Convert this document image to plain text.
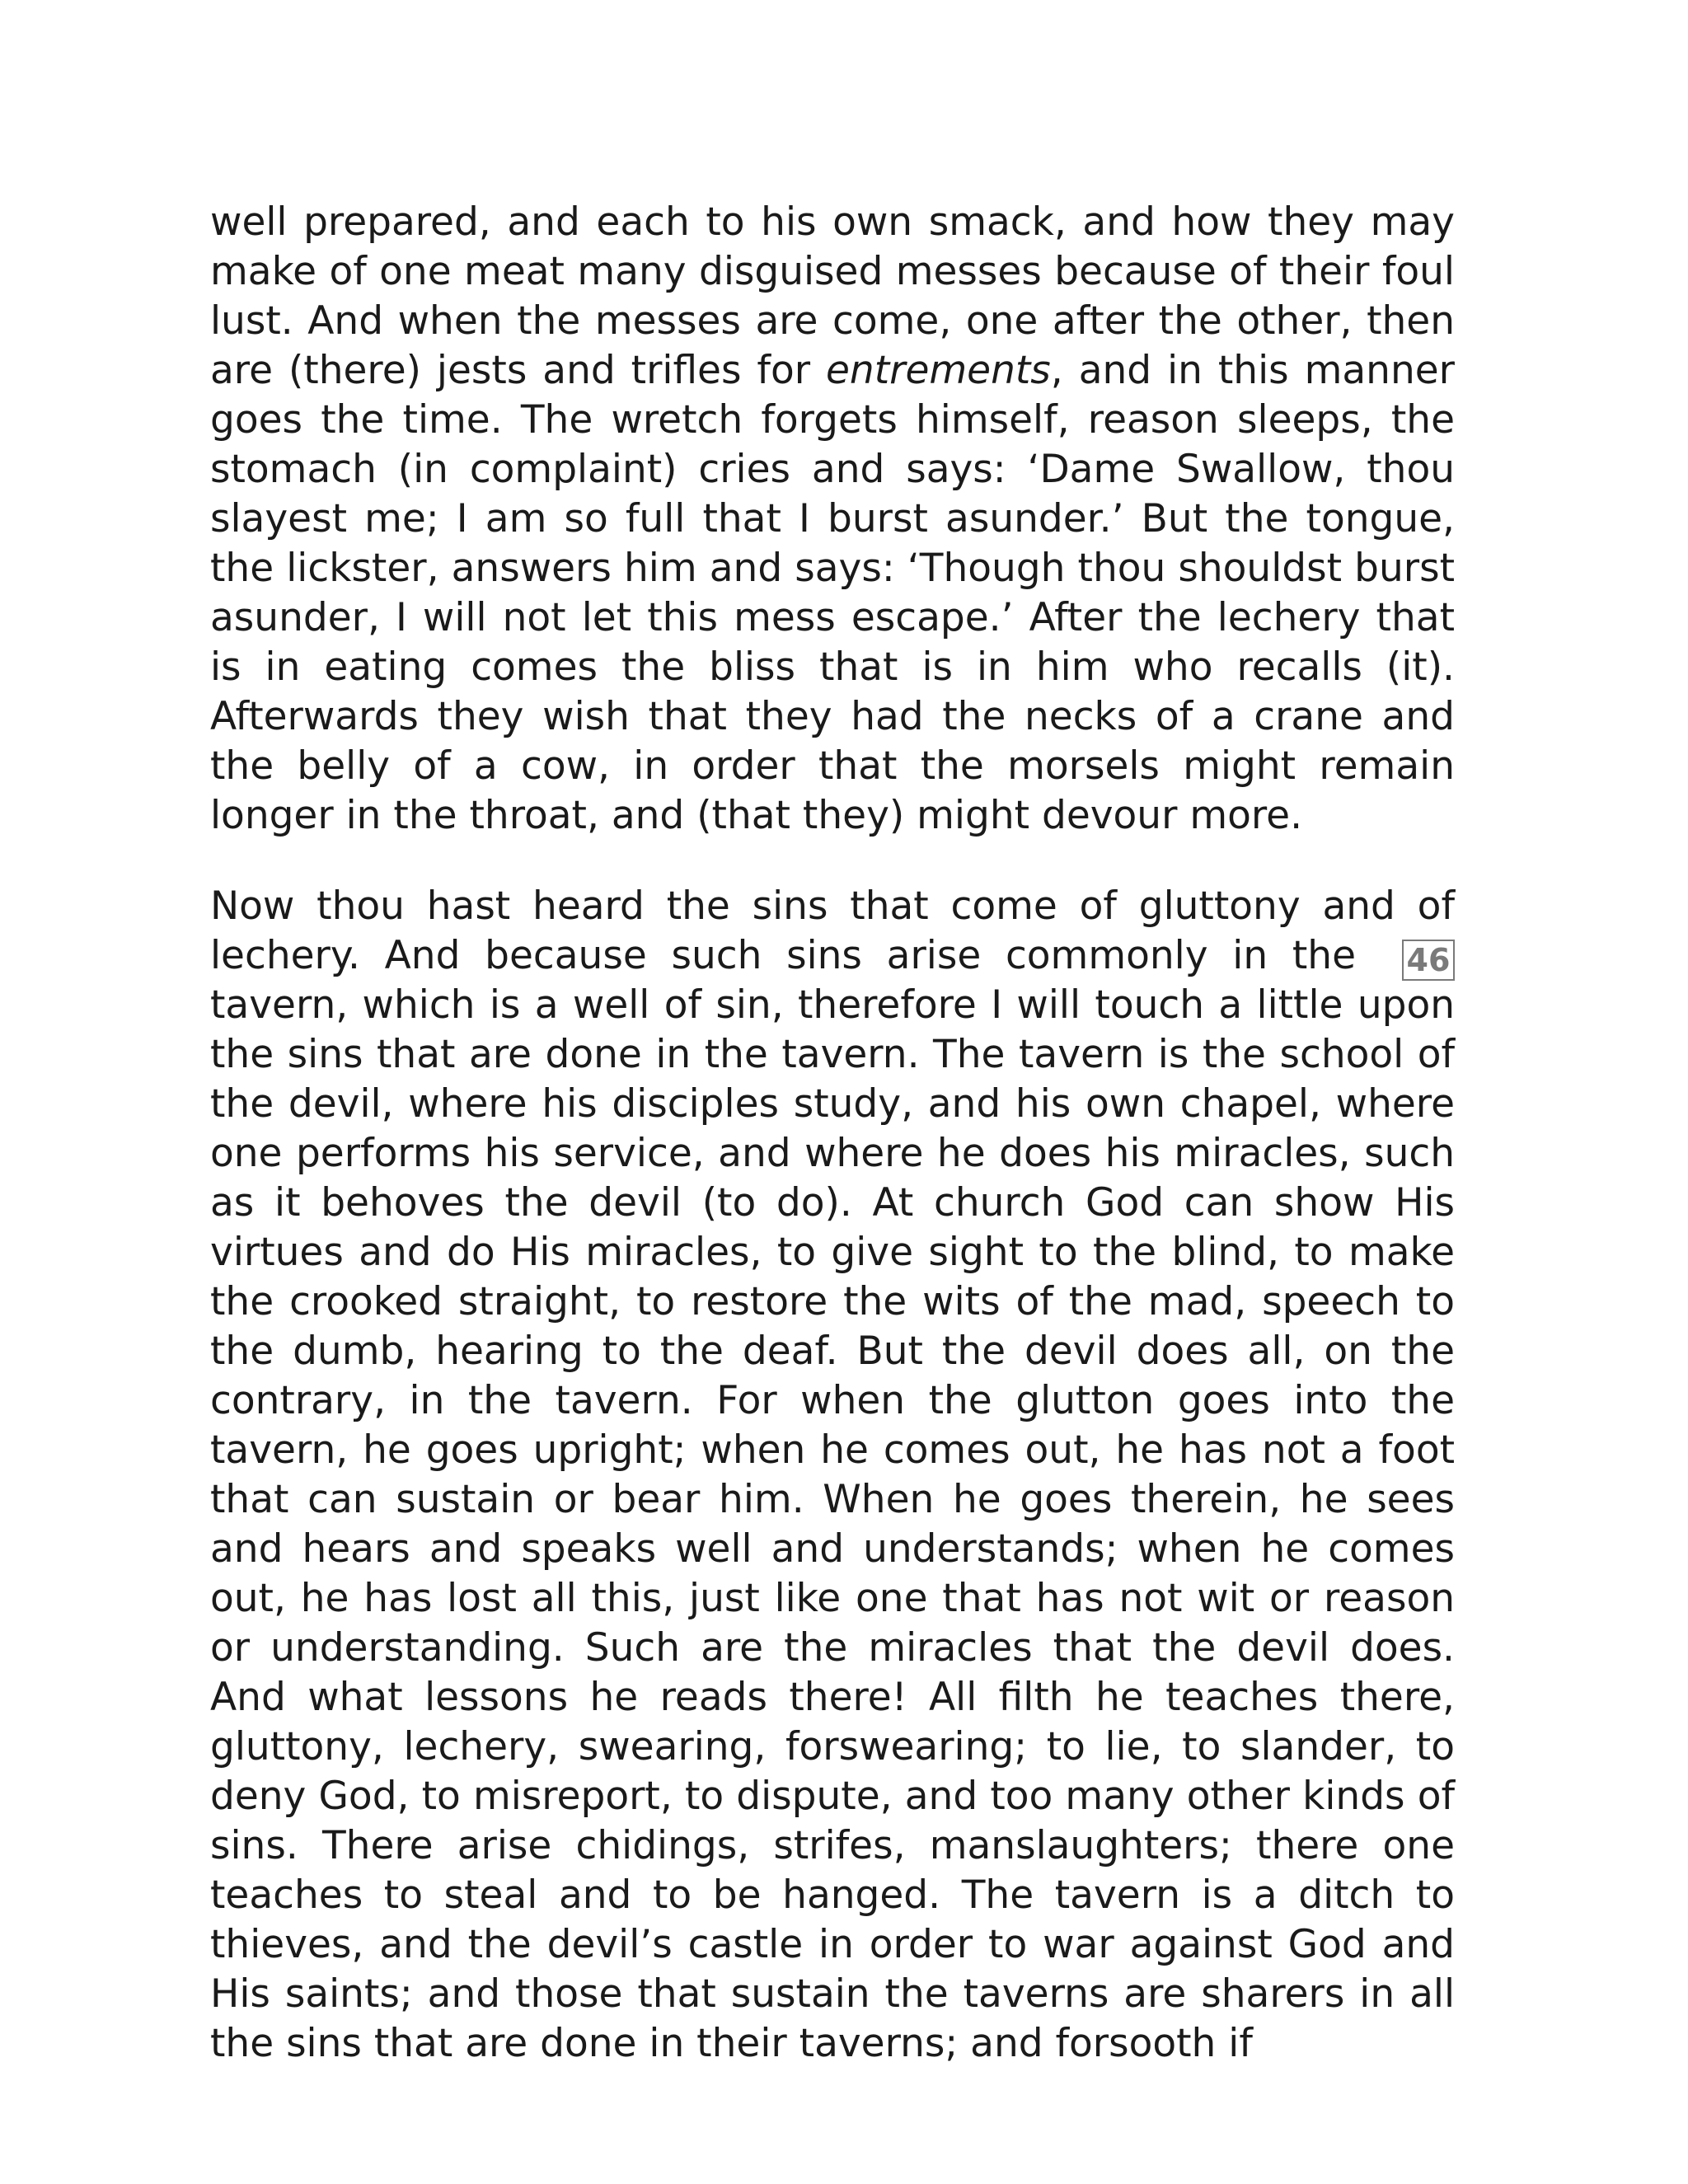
well prepared, and each to his own smack, and how they may make of one meat many disguised messes because of their foul lust. And when the messes are come, one after the other, then are (there) jests and trifles for entrements, and in this manner goes the time. The wretch forgets himself, reason sleeps, the stomach (in complaint) cries and says: ‘Dame Swallow, thou slayest me; I am so full that I burst asunder.’ But the tongue, the lickster, answers him and says: ‘Though thou shouldst burst asunder, I will not let this mess escape.’ After the lechery that is in eating comes the bliss that is in him who recalls (it). Afterwards they wish that they had the necks of a crane and the belly of a cow, in order that the morsels might remain longer in the throat, and (that they) might devour more.

Now thou hast heard the sins that come of gluttony and of lechery.	46
And because such sins arise commonly in the tavern, which is a well of sin, therefore I will touch a little upon the sins that are done in the tavern. The tavern is the school of the devil, where his disciples study, and his own chapel, where one performs his service, and where he does his miracles, such as it behoves the devil (to do). At church God can show His virtues and do His miracles, to give sight to the blind, to make the crooked straight, to restore the wits of the mad, speech to the dumb, hearing to the deaf. But the devil does all, on the contrary, in the tavern. For when the glutton goes into the tavern, he goes upright; when he comes out, he has not a foot that can sustain or bear him. When he goes therein, he sees and hears and speaks well and understands; when he comes out, he has lost all this, just like one that has not wit or reason or understanding. Such are the miracles that the devil does. And what lessons he reads there! All filth he teaches there, gluttony, lechery, swearing, forswearing; to lie, to slander, to deny God, to misreport, to dispute, and too many other kinds of sins. There arise chidings, strifes, manslaughters; there one teaches to steal and to be hanged. The tavern is a ditch to thieves, and the devil’s castle in order to war against God and His saints; and those that sustain the taverns are sharers in all the sins that are done in their taverns; and forsooth if
